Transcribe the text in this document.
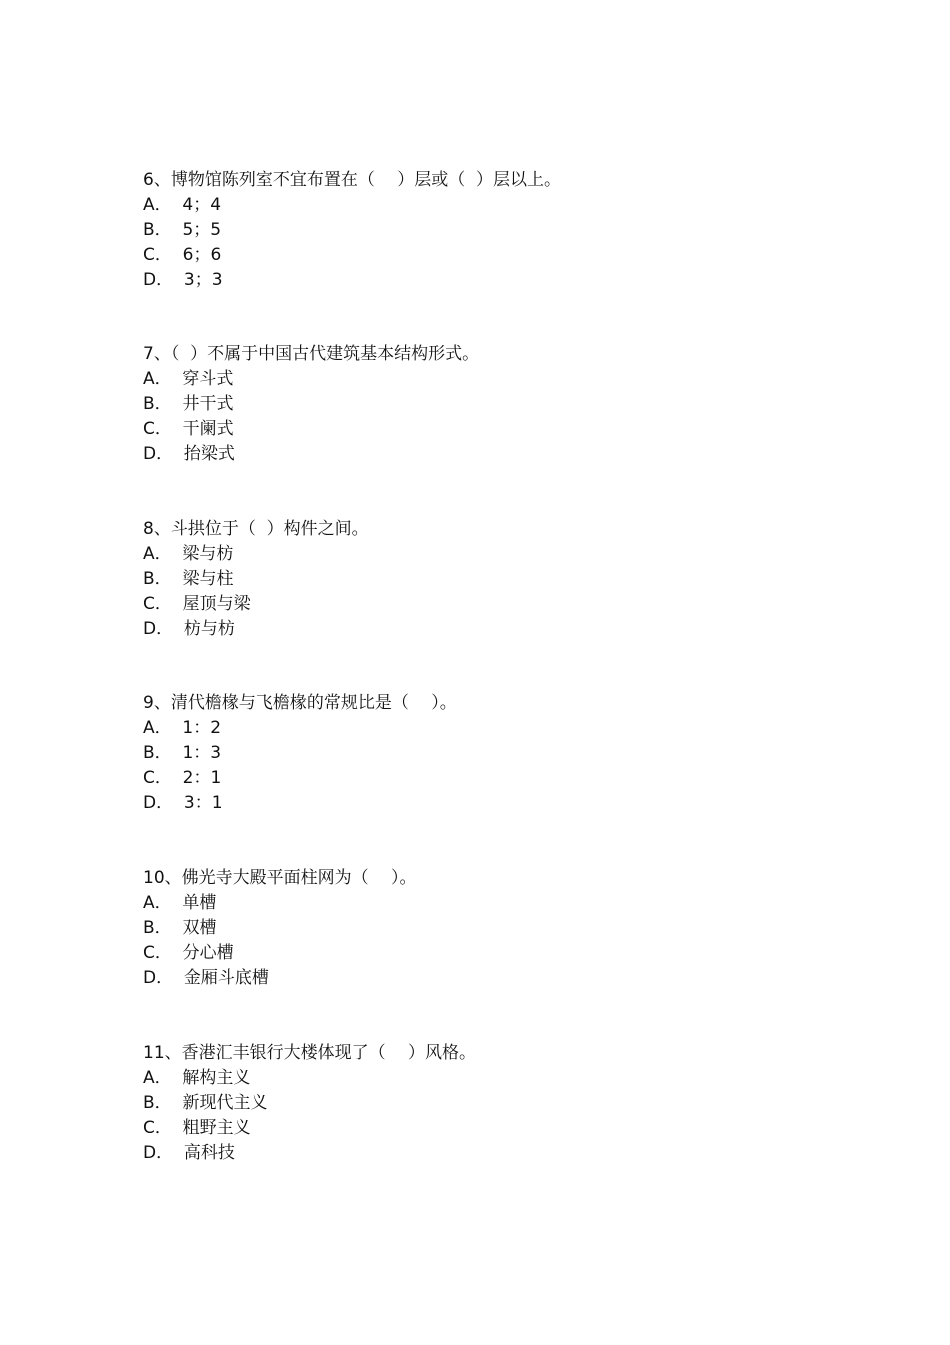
6、博物馆陈列室不宜布置在（　 ）层或（  ）层以上。
A．  4；4
B．  5；5
C．  6；6
D．  3；3
7、（  ）不属于中国古代建筑基本结构形式。
A．  穿斗式
B．  井干式
C．  干阑式
D．  抬梁式
8、斗拱位于（  ）构件之间。
A．  梁与枋
B．  梁与柱
C．  屋顶与梁
D．  枋与枋
9、清代檐椽与飞檐椽的常规比是（　 ）。
A．  1：2
B．  1：3
C．  2：1
D．  3：1
10、佛光寺大殿平面柱网为（　 ）。
A．  单槽
B．  双槽
C．  分心槽
D．  金厢斗底槽
11、香港汇丰银行大楼体现了（　 ）风格。
A．  解构主义
B．  新现代主义
C．  粗野主义
D．  高科技
